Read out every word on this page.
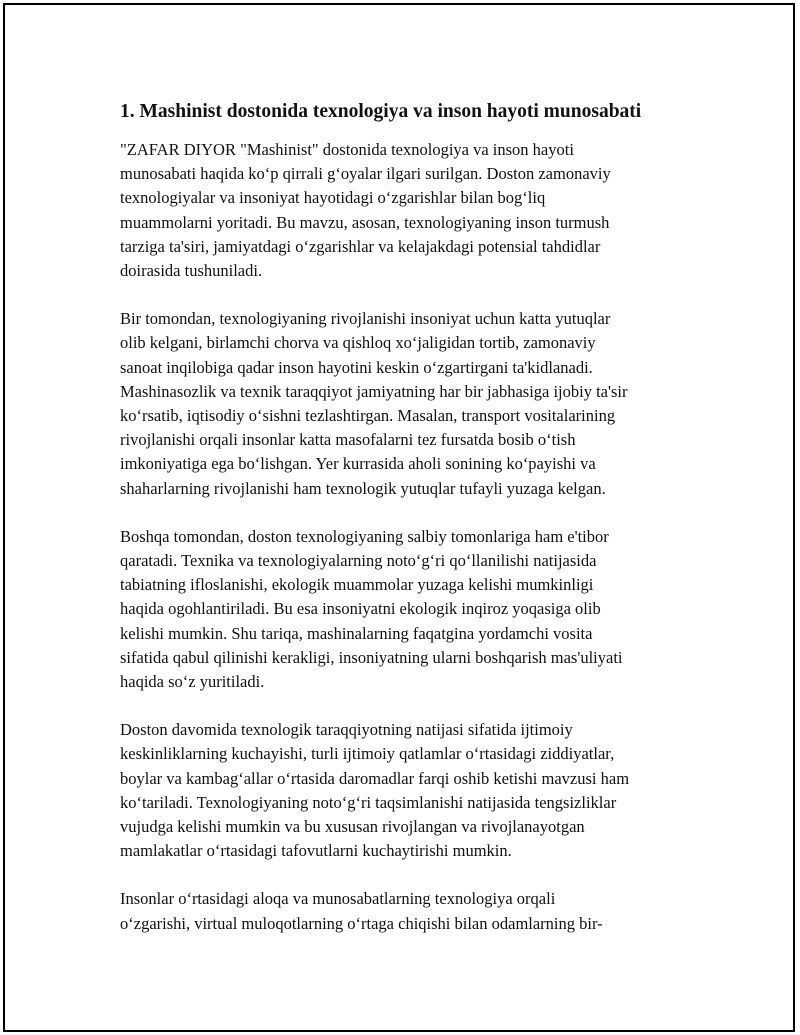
1. Mashinist dostonida texnologiya va inson hayoti munosabati

"ZAFAR DIYOR "Mashinist" dostonida texnologiya va inson hayoti
munosabati haqida ko‘p qirrali g‘oyalar ilgari surilgan. Doston zamonaviy
texnologiyalar va insoniyat hayotidagi o‘zgarishlar bilan bog‘liq
muammolarni yoritadi. Bu mavzu, asosan, texnologiyaning inson turmush
tarziga ta'siri, jamiyatdagi o‘zgarishlar va kelajakdagi potensial tahdidlar
doirasida tushuniladi.

Bir tomondan, texnologiyaning rivojlanishi insoniyat uchun katta yutuqlar
olib kelgani, birlamchi chorva va qishloq xo‘jaligidan tortib, zamonaviy
sanoat inqilobiga qadar inson hayotini keskin o‘zgartirgani ta'kidlanadi.
Mashinasozlik va texnik taraqqiyot jamiyatning har bir jabhasiga ijobiy ta'sir
ko‘rsatib, iqtisodiy o‘sishni tezlashtirgan. Masalan, transport vositalarining
rivojlanishi orqali insonlar katta masofalarni tez fursatda bosib o‘tish
imkoniyatiga ega bo‘lishgan. Yer kurrasida aholi sonining ko‘payishi va
shaharlarning rivojlanishi ham texnologik yutuqlar tufayli yuzaga kelgan.

Boshqa tomondan, doston texnologiyaning salbiy tomonlariga ham e'tibor
qaratadi. Texnika va texnologiyalarning noto‘g‘ri qo‘llanilishi natijasida
tabiatning ifloslanishi, ekologik muammolar yuzaga kelishi mumkinligi
haqida ogohlantiriladi. Bu esa insoniyatni ekologik inqiroz yoqasiga olib
kelishi mumkin. Shu tariqa, mashinalarning faqatgina yordamchi vosita
sifatida qabul qilinishi kerakligi, insoniyatning ularni boshqarish mas'uliyati
haqida so‘z yuritiladi.

Doston davomida texnologik taraqqiyotning natijasi sifatida ijtimoiy
keskinliklarning kuchayishi, turli ijtimoiy qatlamlar o‘rtasidagi ziddiyatlar,
boylar va kambag‘allar o‘rtasida daromadlar farqi oshib ketishi mavzusi ham
ko‘tariladi. Texnologiyaning noto‘g‘ri taqsimlanishi natijasida tengsizliklar
vujudga kelishi mumkin va bu xususan rivojlangan va rivojlanayotgan
mamlakatlar o‘rtasidagi tafovutlarni kuchaytirishi mumkin.

Insonlar o‘rtasidagi aloqa va munosabatlarning texnologiya orqali
o‘zgarishi, virtual muloqotlarning o‘rtaga chiqishi bilan odamlarning bir-
